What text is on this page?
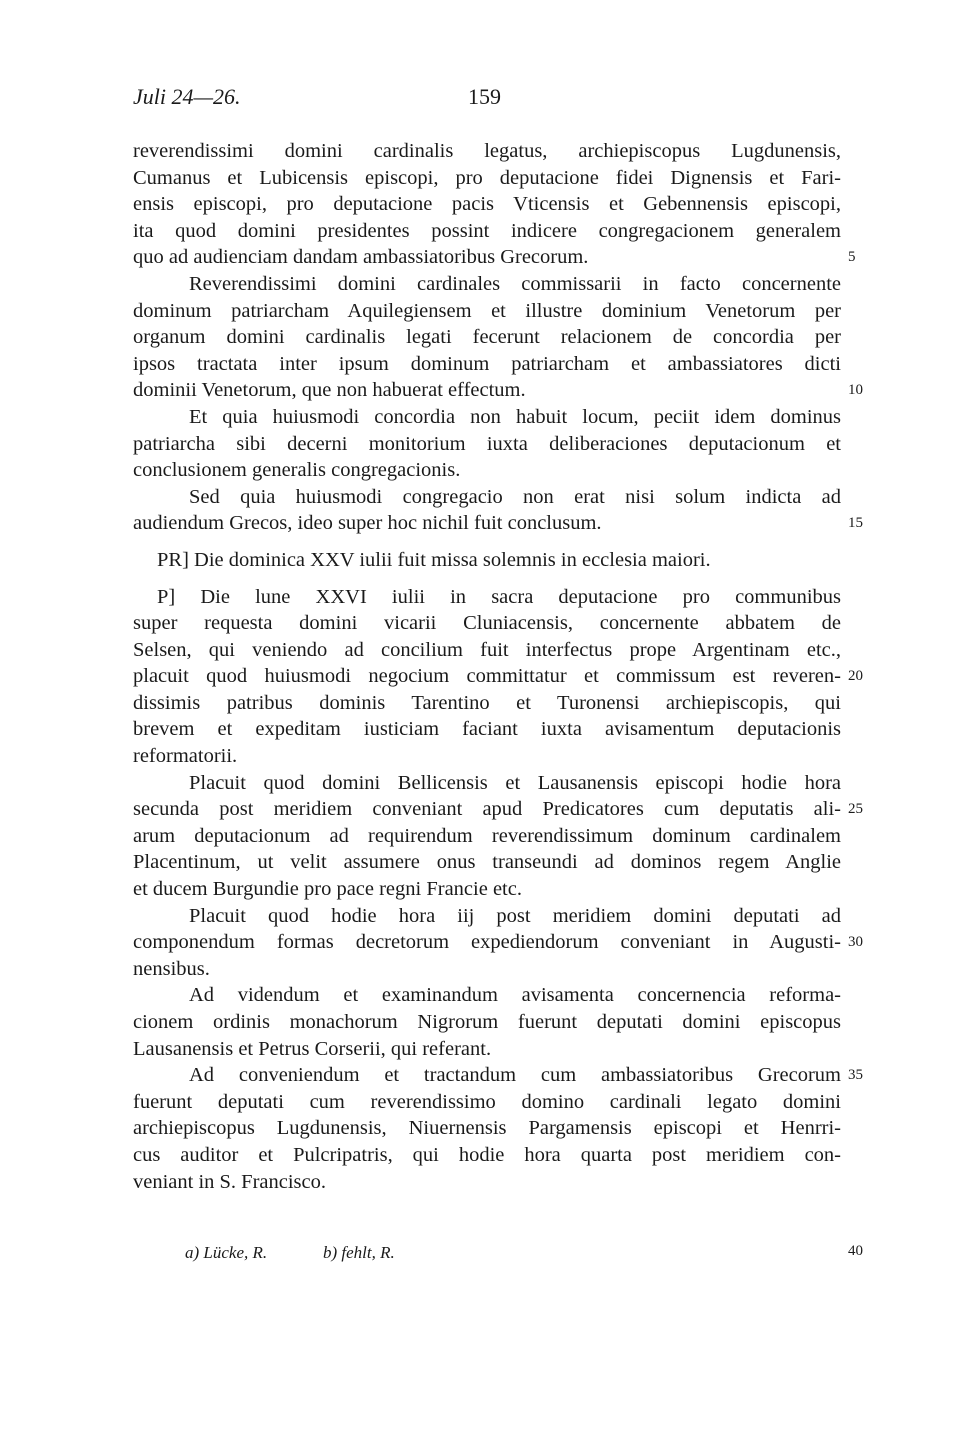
Juli 24—26.	159
reverendissimi domini cardinalis legatus, archiepiscopus Lugdunensis,
Cumanus et Lubicensis episcopi, pro deputacione fidei Dignensis et Fari-
ensis episcopi, pro deputacione pacis Vticensis et Gebennensis episcopi,
ita quod domini presidentes possint indicere congregacionem generalem
quo ad audienciam dandam ambassiatoribus Grecorum.	5
Reverendissimi domini cardinales commissarii in facto concernente
dominum patriarcham Aquilegiensem et illustre dominium Venetorum per
organum domini cardinalis legati fecerunt relacionem de concordia per
ipsos tractata inter ipsum dominum patriarcham et ambassiatores dicti
dominii Venetorum, que non habuerat effectum.	10
Et quia huiusmodi concordia non habuit locum, peciit idem dominus
patriarcha sibi decerni monitorium iuxta deliberaciones deputacionum et
conclusionem generalis congregacionis.
Sed quia huiusmodi congregacio non erat nisi solum indicta ad
audiendum Grecos, ideo super hoc nichil fuit conclusum.	15
PR] Die dominica XXV iulii fuit missa solemnis in ecclesia maiori.
P] Die lune XXVI iulii in sacra deputacione pro communibus
super requesta domini vicarii Cluniacensis, concernente abbatem de
Selsen, qui veniendo ad concilium fuit interfectus prope Argentinam etc.,
placuit quod huiusmodi negocium committatur et commissum est reveren- 20
dissimis patribus dominis Tarentino et Turonensi archiepiscopis, qui
brevem et expeditam iusticiam faciant iuxta avisamentum deputacionis
reformatorii.
Placuit quod domini Bellicensis et Lausanensis episcopi hodie hora
secunda post meridiem conveniant apud Predicatores cum deputatis ali- 25
arum deputacionum ad requirendum reverendissimum dominum cardinalem
Placentinum, ut velit assumere onus transeundi ad dominos regem Anglie
et ducem Burgundie pro pace regni Francie etc.
Placuit quod hodie hora iij post meridiem domini deputati ad
componendum formas decretorum expediendorum conveniant in Augusti- 30
nensibus.
Ad videndum et examinandum avisamenta concernencia reforma-
cionem ordinis monachorum Nigrorum fuerunt deputati domini episcopus
Lausanensis et Petrus Corserii, qui referant.
Ad conveniendum et tractandum cum ambassiatoribus Grecorum 35
fuerunt deputati cum reverendissimo domino cardinali legato domini
archiepiscopus Lugdunensis, Niuernensis Pargamensis episcopi et Henrri-
cus auditor et Pulcripatris, qui hodie hora quarta post meridiem con-
veniant in S. Francisco.
a) Lücke, R.	b) fehlt, R.	40
